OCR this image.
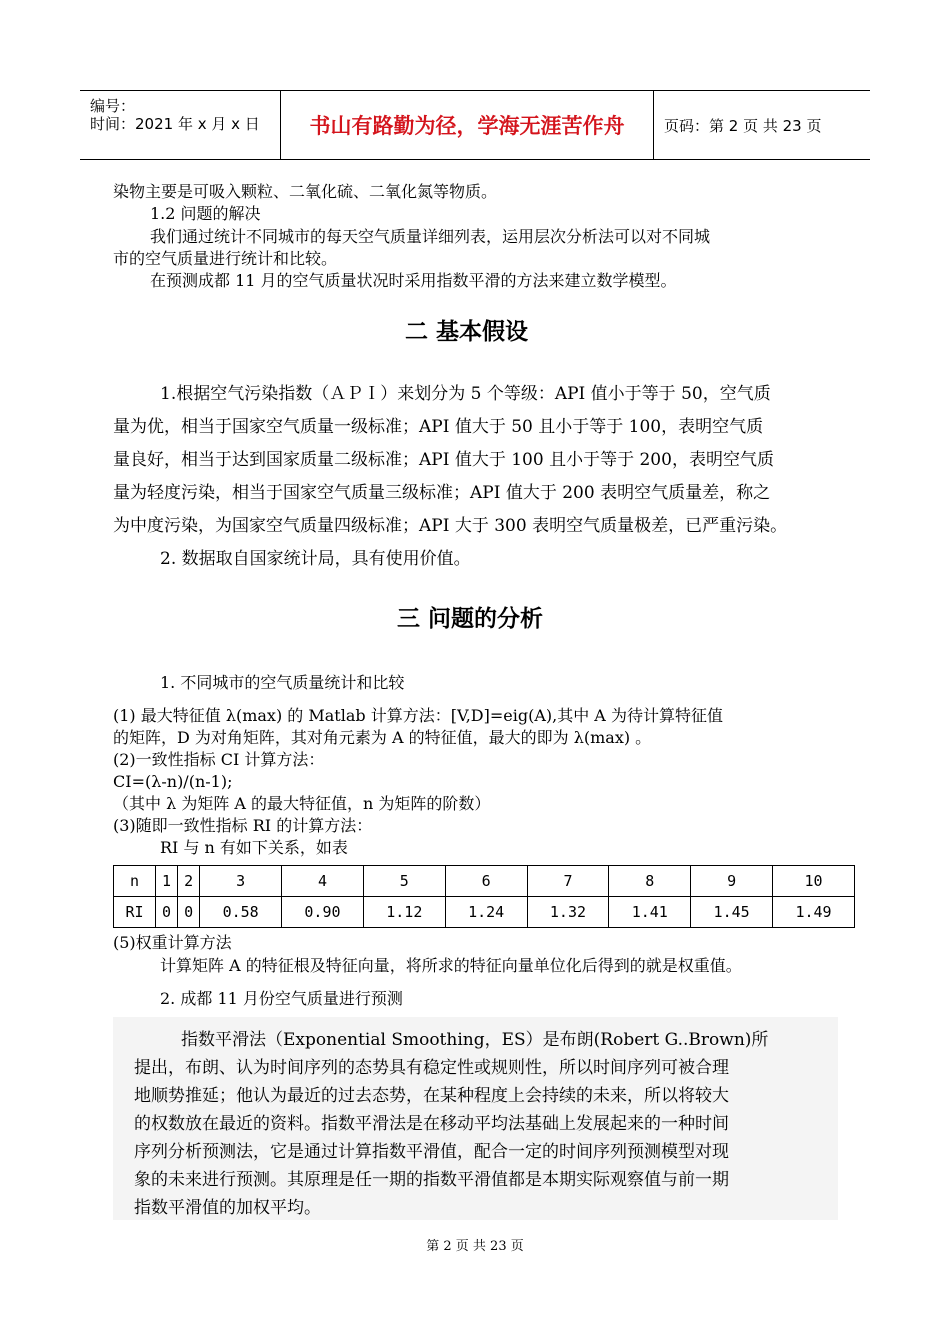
编号：
时间：2021 年 x 月 x 日 书山有路勤为径，学海无涯苦作舟	页码：第 2 页 共 23 页
染物主要是可吸入颗粒、二氧化硫、二氧化氮等物质。
1.2 问题的解决
我们通过统计不同城市的每天空气质量详细列表，运用层次分析法可以对不同城
市的空气质量进行统计和比较。
在预测成都 11 月的空气质量状况时采用指数平滑的方法来建立数学模型。
二 基本假设
1.根据空气污染指数（ＡＰＩ）来划分为 5 个等级：API 值小于等于 50，空气质
量为优，相当于国家空气质量一级标准；API 值大于 50 且小于等于 100，表明空气质
量良好，相当于达到国家质量二级标准；API 值大于 100 且小于等于 200，表明空气质
量为轻度污染，相当于国家空气质量三级标准；API 值大于 200 表明空气质量差，称之
为中度污染，为国家空气质量四级标准；API 大于 300 表明空气质量极差，已严重污染。
2. 数据取自国家统计局，具有使用价值。
三 问题的分析
1. 不同城市的空气质量统计和比较
(1) 最大特征值 λ(max) 的 Matlab 计算方法：[V,D]=eig(A),其中 A 为待计算特征值
的矩阵，D 为对角矩阵，其对角元素为 A 的特征值，最大的即为 λ(max) 。
(2)一致性指标 CI 计算方法：
CI=(λ-n)/(n-1);
（其中 λ 为矩阵 A 的最大特征值，n 为矩阵的阶数）
(3)随即一致性指标 RI 的计算方法：
RI 与 n 有如下关系，如表
n	1	2	3	4	5	6	7	8	9	10
RI	0	0	0.58	0.90	1.12	1.24	1.32	1.41	1.45	1.49
(5)权重计算方法
计算矩阵 A 的特征根及特征向量，将所求的特征向量单位化后得到的就是权重值。
2. 成都 11 月份空气质量进行预测
指数平滑法（Exponential Smoothing，ES）是布朗(Robert G..Brown)所
提出，布朗、认为时间序列的态势具有稳定性或规则性，所以时间序列可被合理
地顺势推延；他认为最近的过去态势，在某种程度上会持续的未来，所以将较大
的权数放在最近的资料。指数平滑法是在移动平均法基础上发展起来的一种时间
序列分析预测法，它是通过计算指数平滑值，配合一定的时间序列预测模型对现
象的未来进行预测。其原理是任一期的指数平滑值都是本期实际观察值与前一期
指数平滑值的加权平均。
第 2 页 共 23 页
